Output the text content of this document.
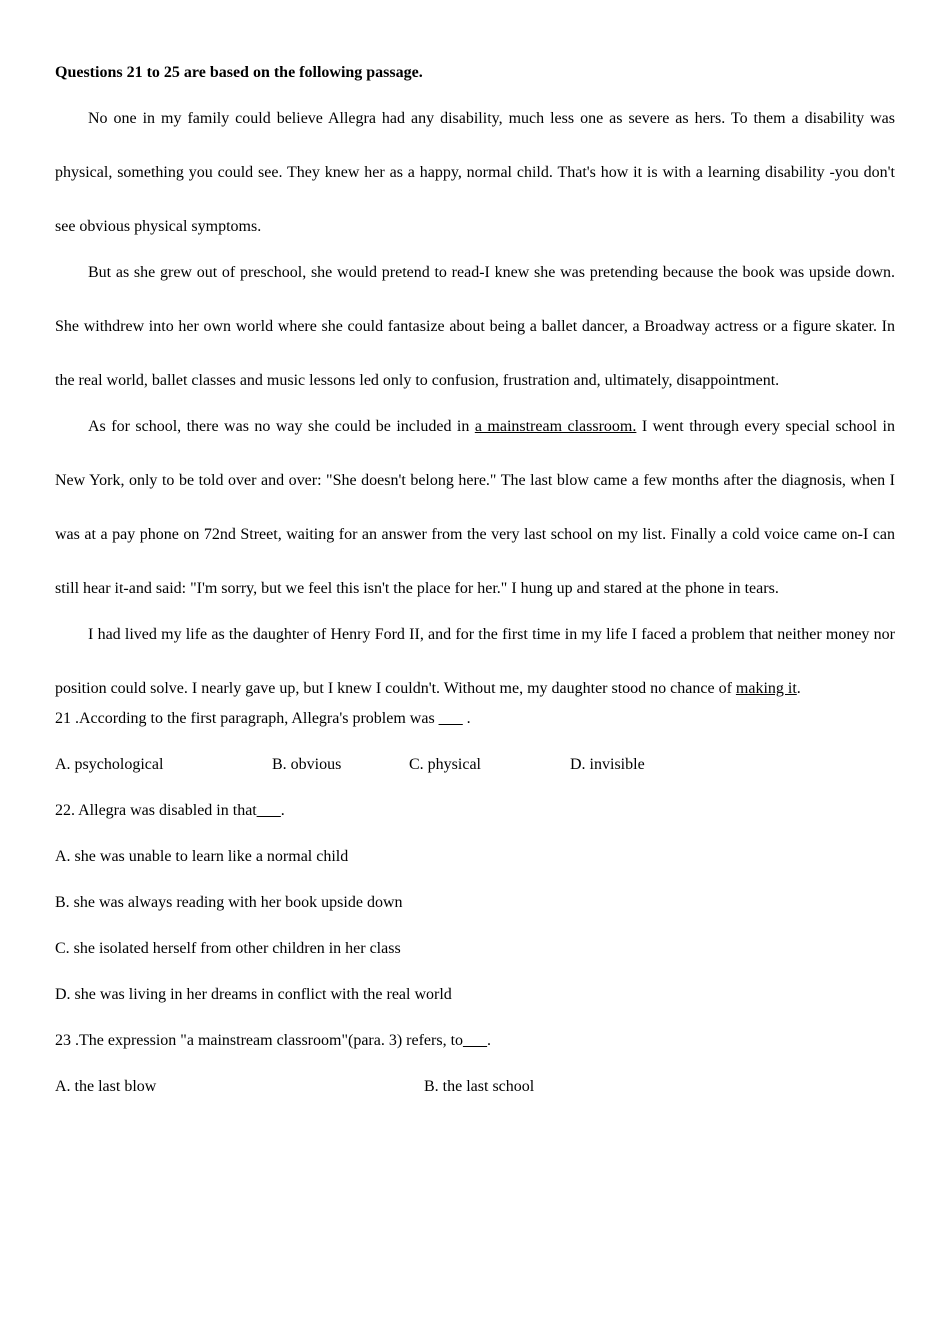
Questions 21 to 25 are based on the following passage.

No one in my family could believe Allegra had any disability, much less one as severe as hers. To them a disability was physical, something you could see. They knew her as a happy, normal child. That's how it is with a learning disability -you don't see obvious physical symptoms.

But as she grew out of preschool, she would pretend to read-I knew she was pretending because the book was upside down. She withdrew into her own world where she could fantasize about being a ballet dancer, a Broadway actress or a figure skater. In the real world, ballet classes and music lessons led only to confusion, frustration and, ultimately, disappointment.

As for school, there was no way she could be included in a mainstream classroom. I went through every special school in New York, only to be told over and over: "She doesn't belong here." The last blow came a few months after the diagnosis, when I was at a pay phone on 72nd Street, waiting for an answer from the very last school on my list. Finally a cold voice came on-I can still hear it-and said: "I'm sorry, but we feel this isn't the place for her." I hung up and stared at the phone in tears.

I had lived my life as the daughter of Henry Ford II, and for the first time in my life I faced a problem that neither money nor position could solve. I nearly gave up, but I knew I couldn't. Without me, my daughter stood no chance of making it.

21 .According to the first paragraph, Allegra's problem was ___ .
A. psychological	B. obvious	C. physical	D. invisible
22. Allegra was disabled in that___.
A. she was unable to learn like a normal child
B. she was always reading with her book upside down
C. she isolated herself from other children in her class
D. she was living in her dreams in conflict with the real world
23 .The expression "a mainstream classroom"(para. 3) refers, to___.
A. the last blow	B. the last school
